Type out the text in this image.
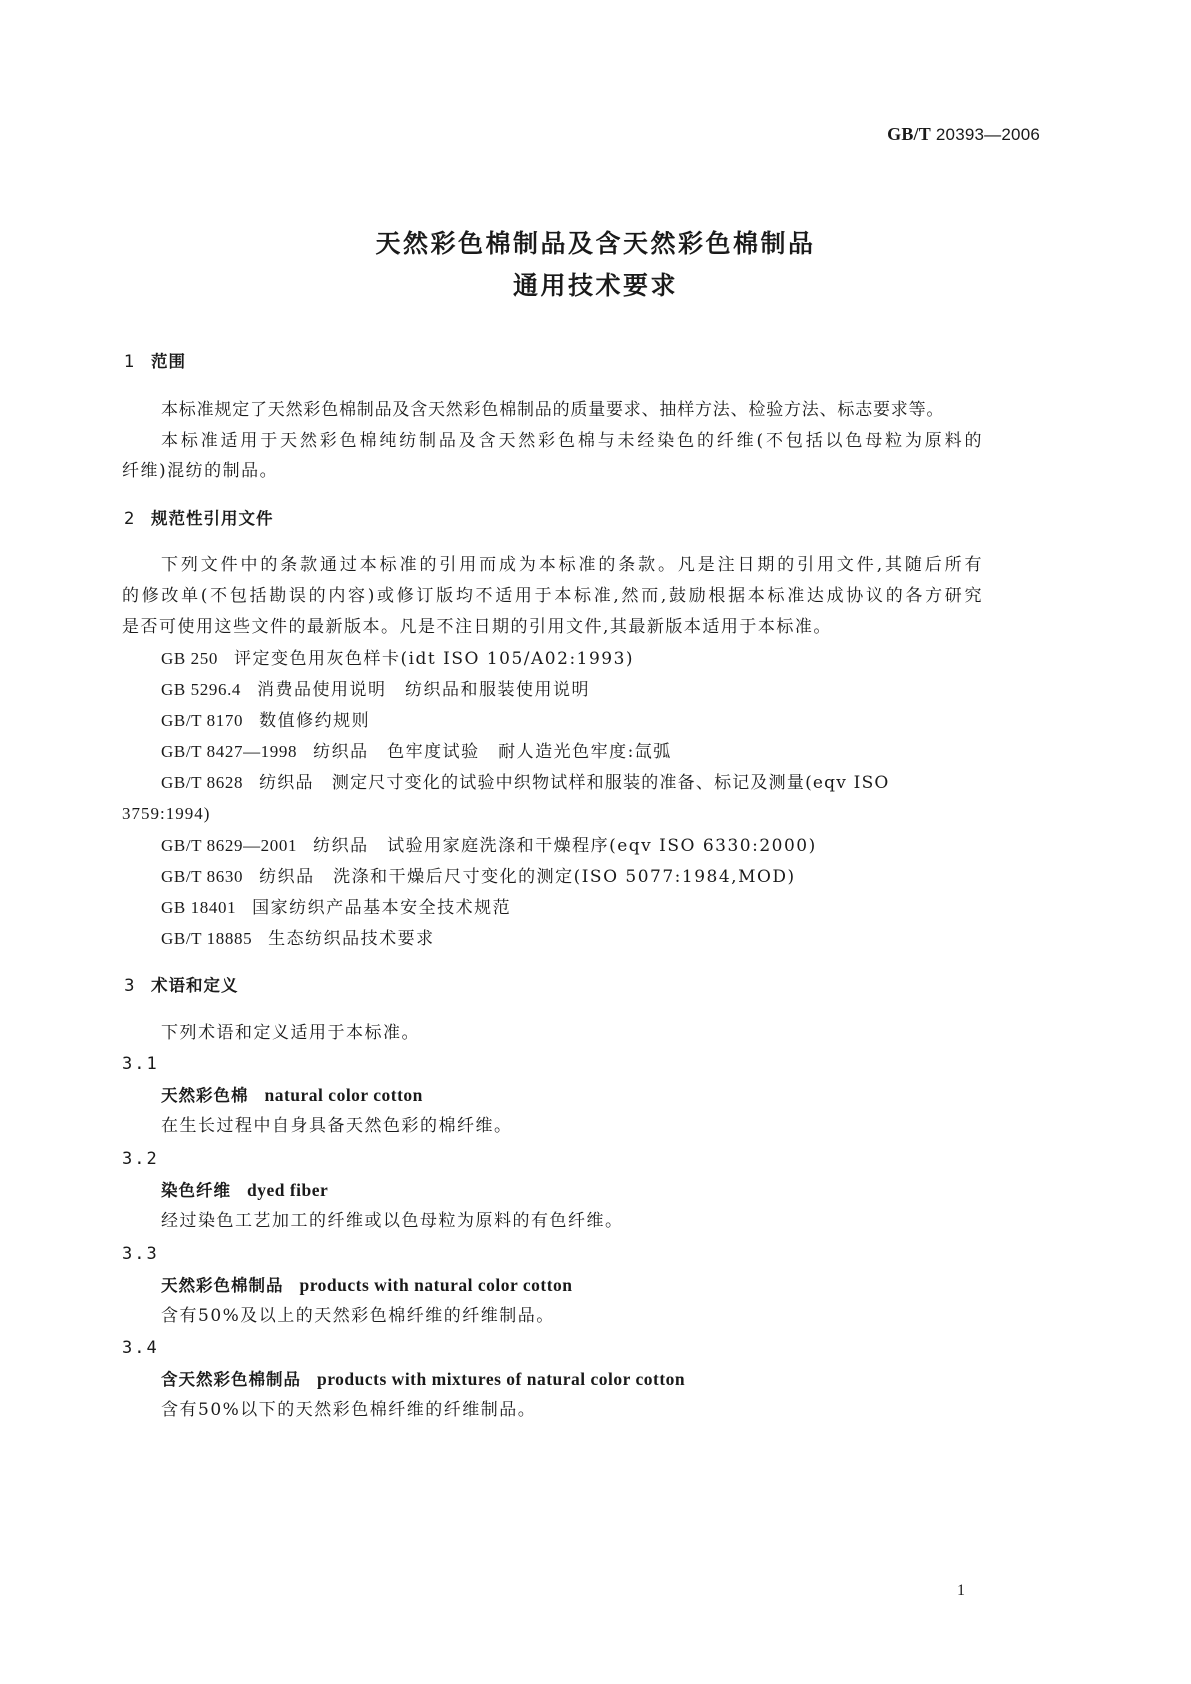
GB/T 20393—2006

天然彩色棉制品及含天然彩色棉制品
通用技术要求

1 范围

本标准规定了天然彩色棉制品及含天然彩色棉制品的质量要求、抽样方法、检验方法、标志要求等。

本标准适用于天然彩色棉纯纺制品及含天然彩色棉与未经染色的纤维(不包括以色母粒为原料的

纤维)混纺的制品。

2 规范性引用文件

下列文件中的条款通过本标准的引用而成为本标准的条款。凡是注日期的引用文件,其随后所有

的修改单(不包括勘误的内容)或修订版均不适用于本标准,然而,鼓励根据本标准达成协议的各方研究

是否可使用这些文件的最新版本。凡是不注日期的引用文件,其最新版本适用于本标准。

GB 250 评定变色用灰色样卡(idt ISO 105/A02:1993)

GB 5296.4 消费品使用说明　纺织品和服装使用说明

GB/T 8170 数值修约规则

GB/T 8427—1998 纺织品　色牢度试验　耐人造光色牢度:氙弧

GB/T 8628 纺织品　测定尺寸变化的试验中织物试样和服装的准备、标记及测量(eqv ISO

3759:1994)

GB/T 8629—2001 纺织品　试验用家庭洗涤和干燥程序(eqv ISO 6330:2000)

GB/T 8630 纺织品　洗涤和干燥后尺寸变化的测定(ISO 5077:1984,MOD)

GB 18401 国家纺织产品基本安全技术规范

GB/T 18885 生态纺织品技术要求

3 术语和定义

下列术语和定义适用于本标准。

3.1

天然彩色棉 natural color cotton

在生长过程中自身具备天然色彩的棉纤维。

3.2

染色纤维 dyed fiber

经过染色工艺加工的纤维或以色母粒为原料的有色纤维。

3.3

天然彩色棉制品 products with natural color cotton

含有50%及以上的天然彩色棉纤维的纤维制品。

3.4

含天然彩色棉制品 products with mixtures of natural color cotton

含有50%以下的天然彩色棉纤维的纤维制品。

1
